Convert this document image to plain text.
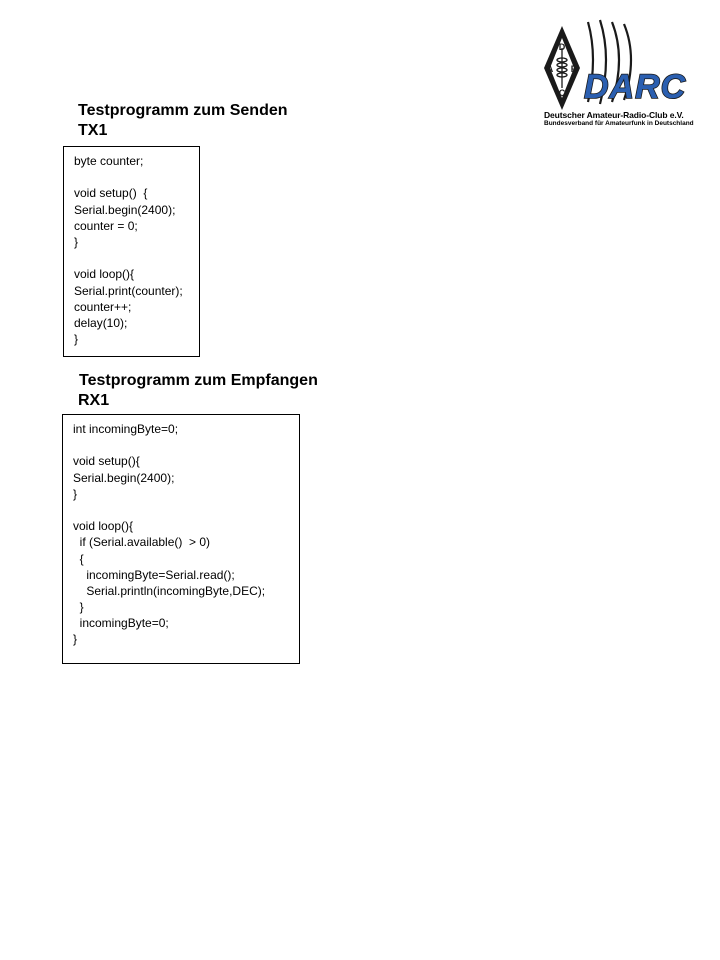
Testprogramm zum Senden
TX1
byte counter;
void setup()  {
Serial.begin(2400);
counter = 0;
}
void loop(){
Serial.print(counter);
counter++;
delay(10);
}
Testprogramm zum Empfangen
RX1
int incomingByte=0;
void setup(){
Serial.begin(2400);
}
void loop(){
if (Serial.available()  > 0)
{
incomingByte=Serial.read();
Serial.println(incomingByte,DEC);
}
incomingByte=0;
}
D
A R
C DARC
Deutscher Amateur-Radio-Club e.V.
Bundesverband für Amateurfunk in Deutschland
